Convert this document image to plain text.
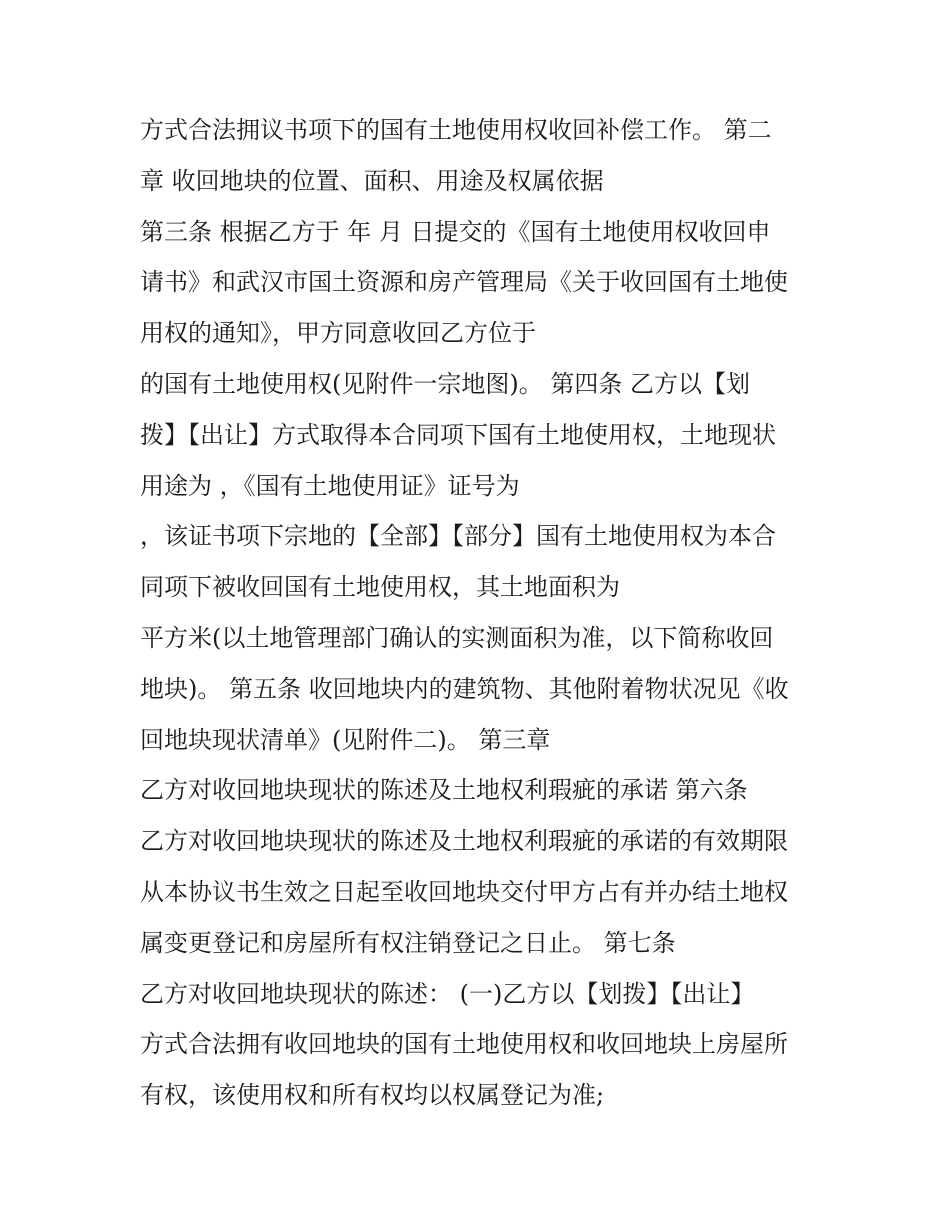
方式合法拥议书项下的国有土地使用权收回补偿工作。 第二
章 收回地块的位置、面积、用途及权属依据
第三条 根据乙方于 年 月 日提交的《国有土地使用权收回申
请书》和武汉市国土资源和房产管理局《关于收回国有土地使
用权的通知》，甲方同意收回乙方位于
的国有土地使用权(见附件一宗地图)。 第四条 乙方以【划
拨】【出让】方式取得本合同项下国有土地使用权，土地现状
用途为 ，《国有土地使用证》证号为
，该证书项下宗地的【全部】【部分】国有土地使用权为本合
同项下被收回国有土地使用权，其土地面积为
平方米(以土地管理部门确认的实测面积为准，以下简称收回
地块)。 第五条 收回地块内的建筑物、其他附着物状况见《收
回地块现状清单》(见附件二)。 第三章
乙方对收回地块现状的陈述及土地权利瑕疵的承诺 第六条
乙方对收回地块现状的陈述及土地权利瑕疵的承诺的有效期限
从本协议书生效之日起至收回地块交付甲方占有并办结土地权
属变更登记和房屋所有权注销登记之日止。 第七条
乙方对收回地块现状的陈述： (一)乙方以【划拨】【出让】
方式合法拥有收回地块的国有土地使用权和收回地块上房屋所
有权，该使用权和所有权均以权属登记为准;
